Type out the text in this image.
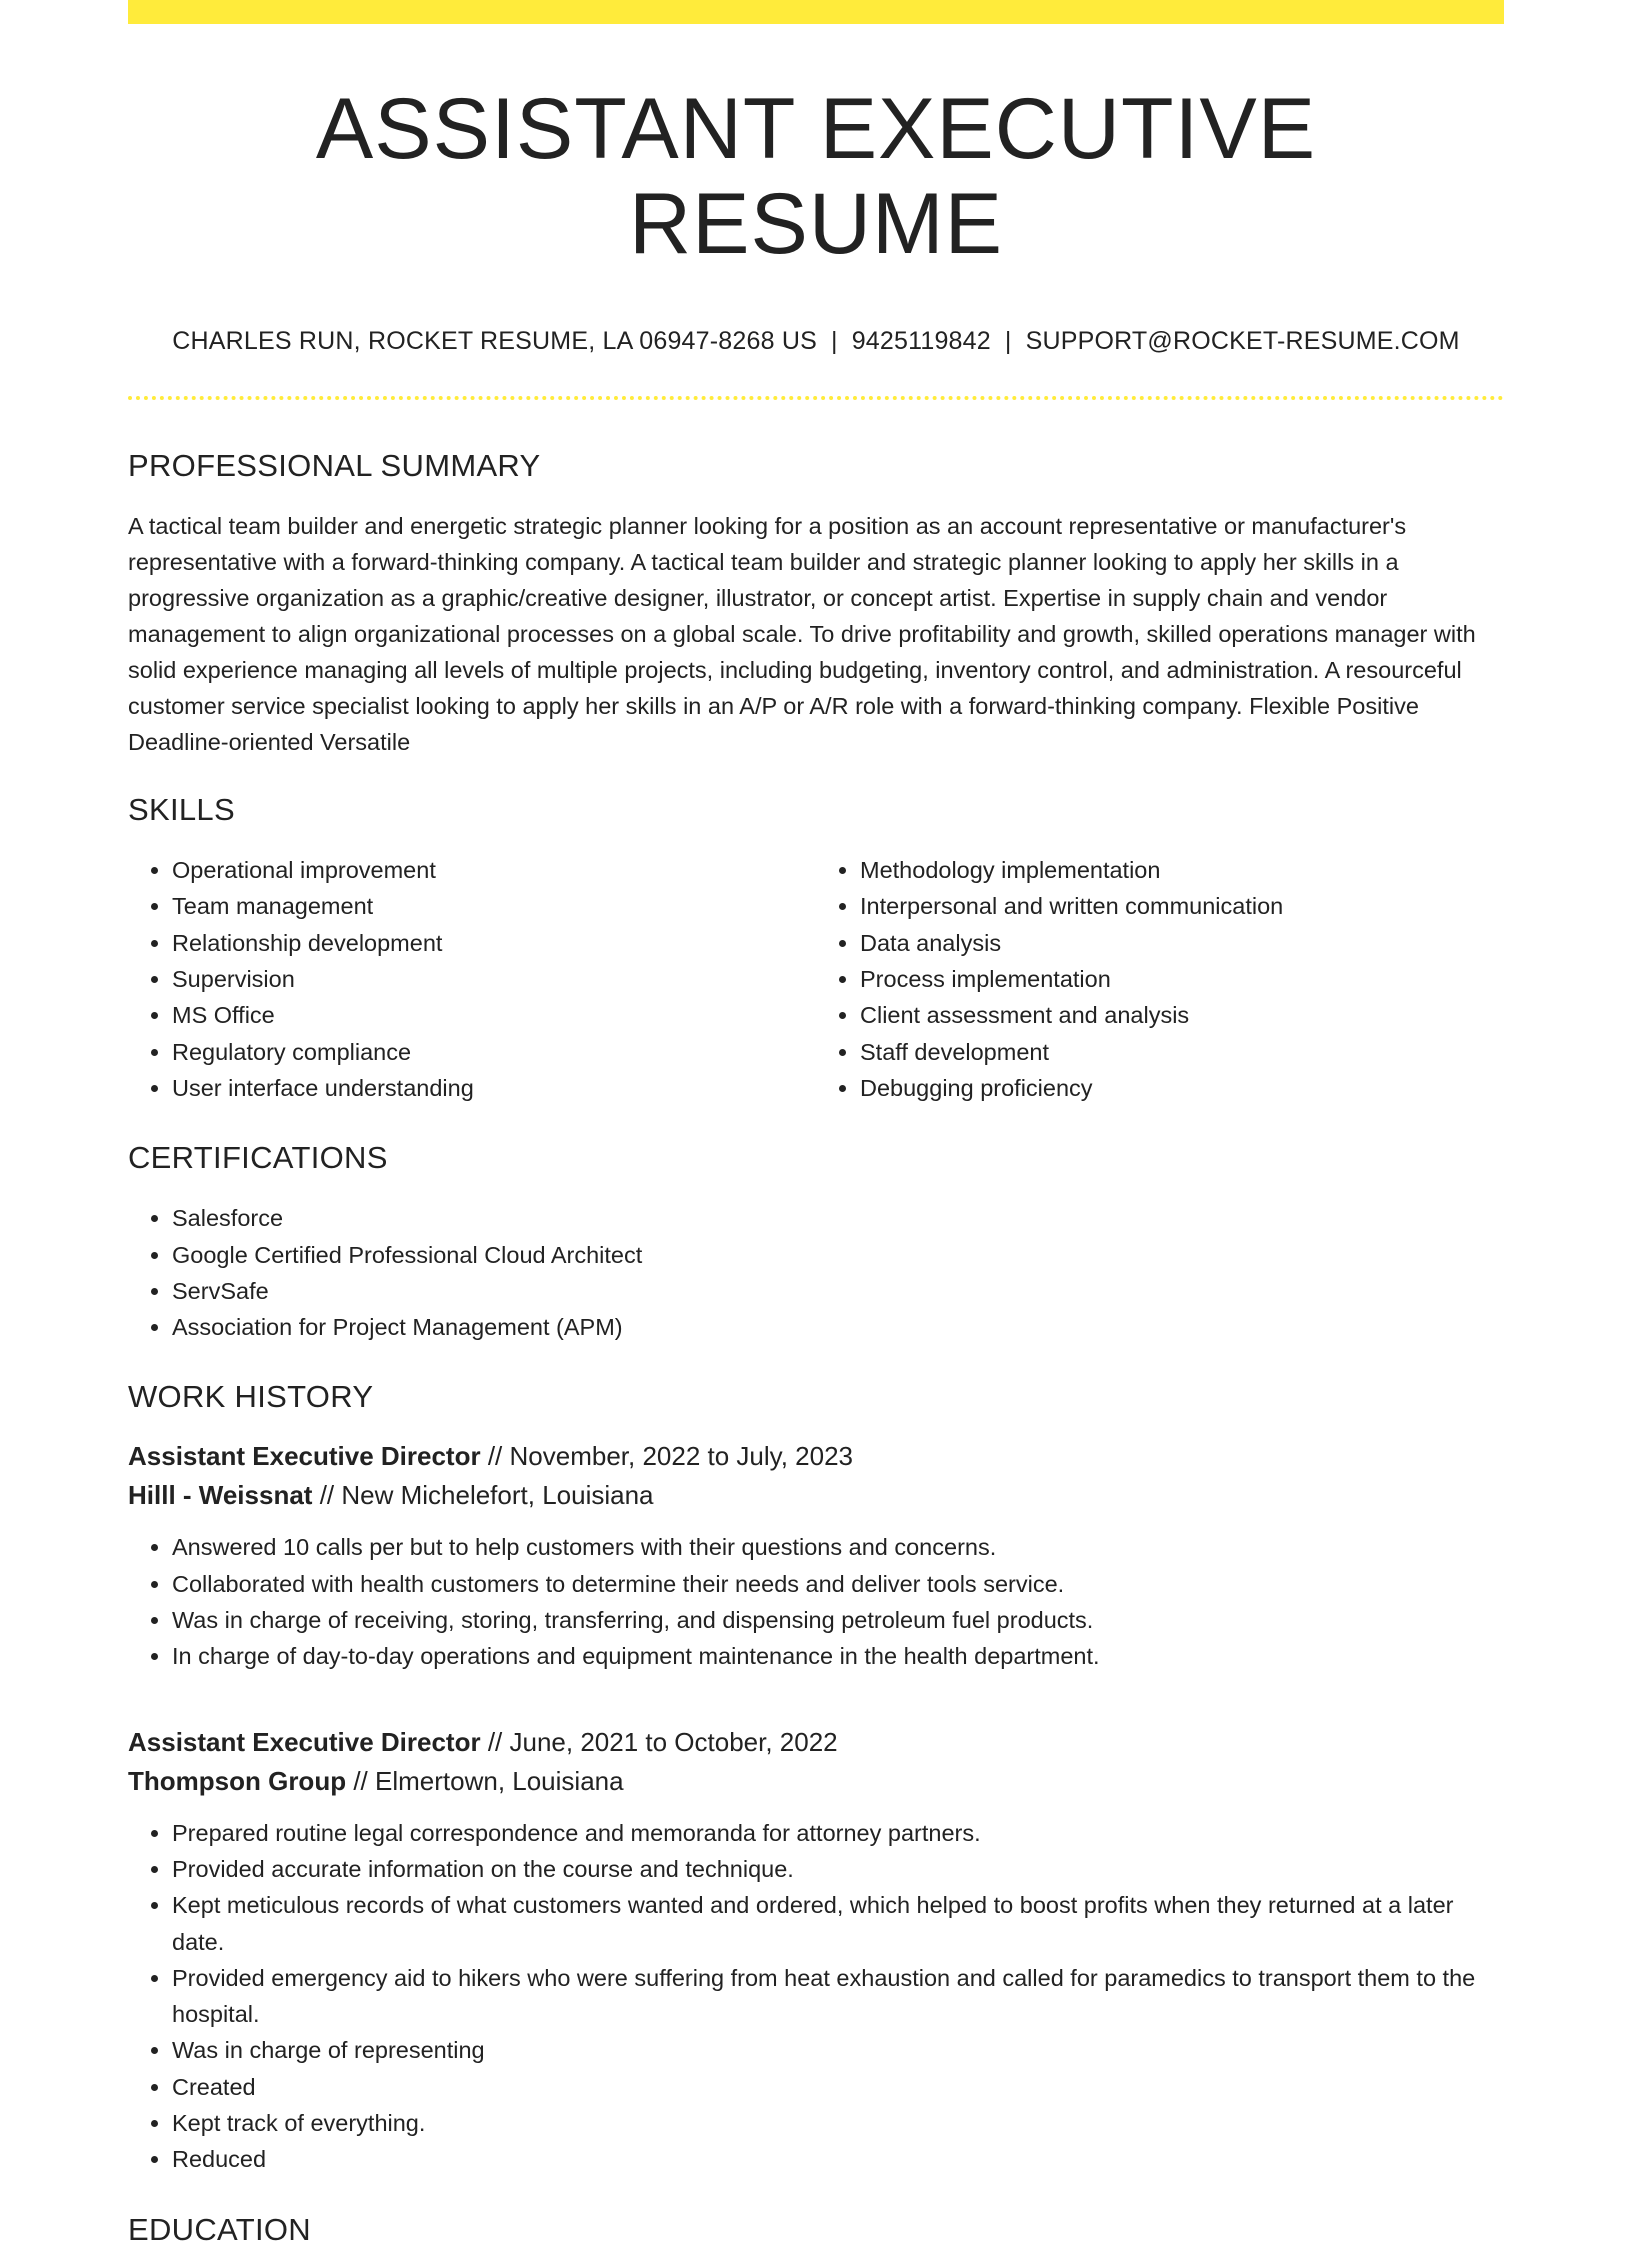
ASSISTANT EXECUTIVE RESUME
CHARLES RUN, ROCKET RESUME, LA 06947-8268 US | 9425119842 | SUPPORT@ROCKET-RESUME.COM
PROFESSIONAL SUMMARY

A tactical team builder and energetic strategic planner looking for a position as an account representative or manufacturer's representative with a forward-thinking company. A tactical team builder and strategic planner looking to apply her skills in a progressive organization as a graphic/creative designer, illustrator, or concept artist. Expertise in supply chain and vendor management to align organizational processes on a global scale. To drive profitability and growth, skilled operations manager with solid experience managing all levels of multiple projects, including budgeting, inventory control, and administration. A resourceful customer service specialist looking to apply her skills in an A/P or A/R role with a forward-thinking company. Flexible Positive Deadline-oriented Versatile

SKILLS
• Operational improvement
• Team management
• Relationship development
• Supervision
• MS Office
• Regulatory compliance
• User interface understanding
• Methodology implementation
• Interpersonal and written communication
• Data analysis
• Process implementation
• Client assessment and analysis
• Staff development
• Debugging proficiency
CERTIFICATIONS
• Salesforce
• Google Certified Professional Cloud Architect
• ServSafe
• Association for Project Management (APM)
WORK HISTORY
Assistant Executive Director // November, 2022 to July, 2023
Hilll - Weissnat // New Michelefort, Louisiana
• Answered 10 calls per but to help customers with their questions and concerns.
• Collaborated with health customers to determine their needs and deliver tools service.
• Was in charge of receiving, storing, transferring, and dispensing petroleum fuel products.
• In charge of day-to-day operations and equipment maintenance in the health department.
Assistant Executive Director // June, 2021 to October, 2022
Thompson Group // Elmertown, Louisiana
• Prepared routine legal correspondence and memoranda for attorney partners.
• Provided accurate information on the course and technique.
• Kept meticulous records of what customers wanted and ordered, which helped to boost profits when they returned at a later date.
• Provided emergency aid to hikers who were suffering from heat exhaustion and called for paramedics to transport them to the hospital.
• Was in charge of representing
• Created
• Kept track of everything.
• Reduced
EDUCATION
